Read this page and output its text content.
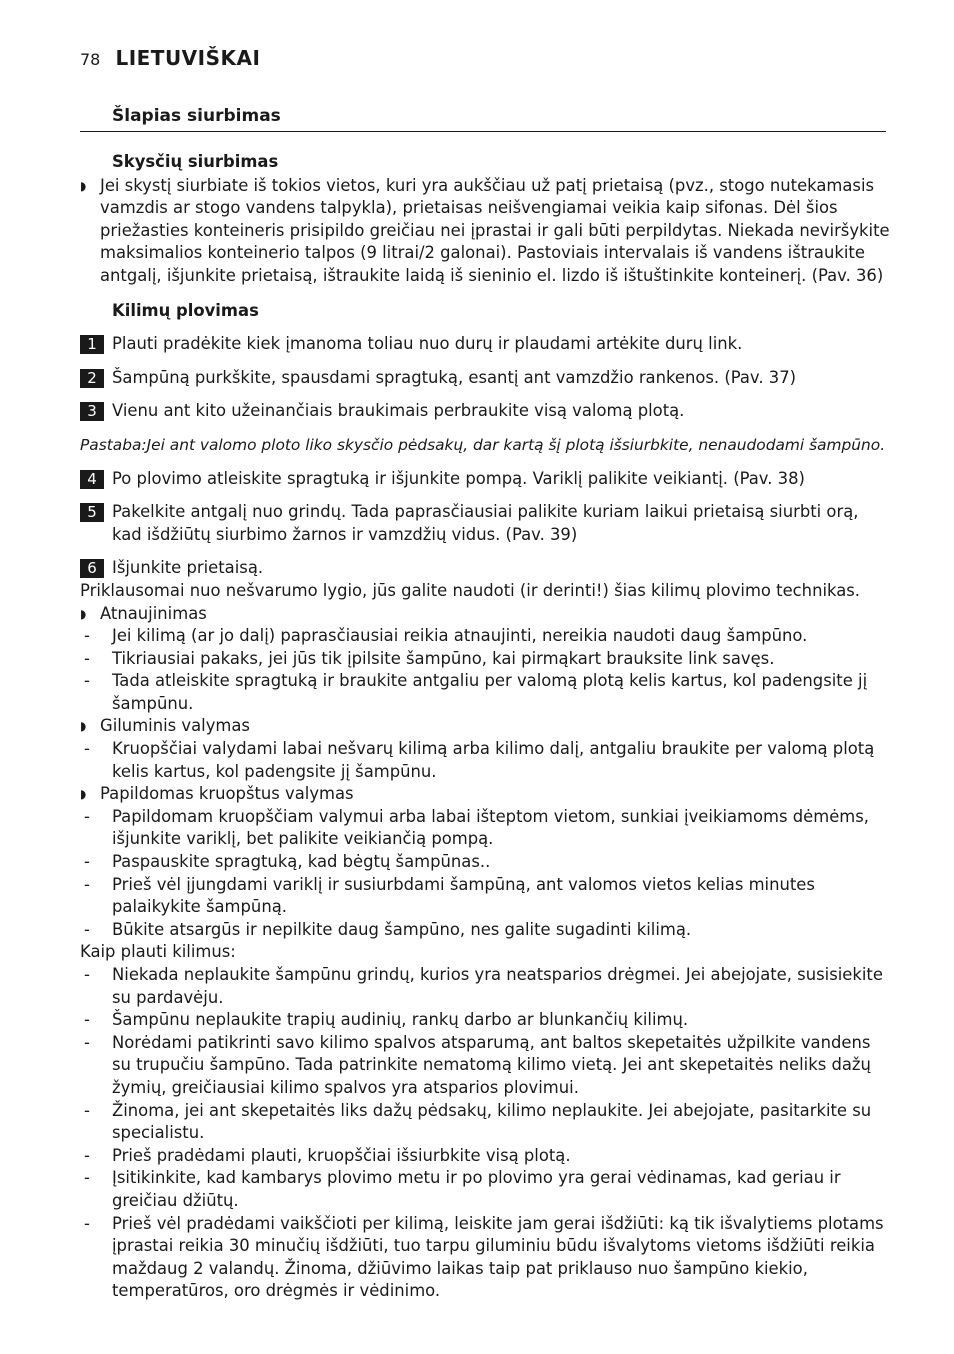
78 LIETUVIŠKAI
Šlapias siurbimas
Skysčių siurbimas
◗ Jei skystį siurbiate iš tokios vietos, kuri yra aukščiau už patį prietaisą (pvz., stogo nutekamasis vamzdis ar stogo vandens talpykla), prietaisas neišvengiamai veikia kaip sifonas. Dėl šios priežasties konteineris prisipildo greičiau nei įprastai ir gali būti perpildytas. Niekada neviršykite maksimalios konteinerio talpos (9 litrai/2 galonai). Pastoviais intervalais iš vandens ištraukite antgalį, išjunkite prietaisą, ištraukite laidą iš sieninio el. lizdo iš ištuštinkite konteinerį. (Pav. 36)
Kilimų plovimas
1 Plauti pradėkite kiek įmanoma toliau nuo durų ir plaudami artėkite durų link.
2 Šampūną purkškite, spausdami spragtuką, esantį ant vamzdžio rankenos. (Pav. 37)
3 Vienu ant kito užeinančiais braukimais perbraukite visą valomą plotą.
Pastaba:Jei ant valomo ploto liko skysčio pėdsakų, dar kartą šį plotą išsiurbkite, nenaudodami šampūno.
4 Po plovimo atleiskite spragtuką ir išjunkite pompą. Variklį palikite veikiantį. (Pav. 38)
5 Pakelkite antgalį nuo grindų. Tada paprasčiausiai palikite kuriam laikui prietaisą siurbti orą, kad išdžiūtų siurbimo žarnos ir vamzdžių vidus. (Pav. 39)
6 Išjunkite prietaisą.

Priklausomai nuo nešvarumo lygio, jūs galite naudoti (ir derinti!) šias kilimų plovimo technikas.

◗ Atnaujinimas
- Jei kilimą (ar jo dalį) paprasčiausiai reikia atnaujinti, nereikia naudoti daug šampūno.
- Tikriausiai pakaks, jei jūs tik įpilsite šampūno, kai pirmąkart brauksite link savęs.
- Tada atleiskite spragtuką ir braukite antgaliu per valomą plotą kelis kartus, kol padengsite jį šampūnu.
◗ Giluminis valymas
- Kruopščiai valydami labai nešvarų kilimą arba kilimo dalį, antgaliu braukite per valomą plotą kelis kartus, kol padengsite jį šampūnu.
◗ Papildomas kruopštus valymas
- Papildomam kruopščiam valymui arba labai išteptom vietom, sunkiai įveikiamoms dėmėms, išjunkite variklį, bet palikite veikiančią pompą.
- Paspauskite spragtuką, kad bėgtų šampūnas..
- Prieš vėl įjungdami variklį ir susiurbdami šampūną, ant valomos vietos kelias minutes palaikykite šampūną.
- Būkite atsargūs ir nepilkite daug šampūno, nes galite sugadinti kilimą.

Kaip plauti kilimus:

- Niekada neplaukite šampūnu grindų, kurios yra neatsparios drėgmei. Jei abejojate, susisiekite su pardavėju.
- Šampūnu neplaukite trapių audinių, rankų darbo ar blunkančių kilimų.
- Norėdami patikrinti savo kilimo spalvos atsparumą, ant baltos skepetaitės užpilkite vandens su trupučiu šampūno. Tada patrinkite nematomą kilimo vietą. Jei ant skepetaitės neliks dažų žymių, greičiausiai kilimo spalvos yra atsparios plovimui.
- Žinoma, jei ant skepetaitės liks dažų pėdsakų, kilimo neplaukite. Jei abejojate, pasitarkite su specialistu.
- Prieš pradėdami plauti, kruopščiai išsiurbkite visą plotą.
- Įsitikinkite, kad kambarys plovimo metu ir po plovimo yra gerai vėdinamas, kad geriau ir greičiau džiūtų.
- Prieš vėl pradėdami vaikščioti per kilimą, leiskite jam gerai išdžiūti: ką tik išvalytiems plotams įprastai reikia 30 minučių išdžiūti, tuo tarpu giluminiu būdu išvalytoms vietoms išdžiūti reikia maždaug 2 valandų. Žinoma, džiūvimo laikas taip pat priklauso nuo šampūno kiekio, temperatūros, oro drėgmės ir vėdinimo.
